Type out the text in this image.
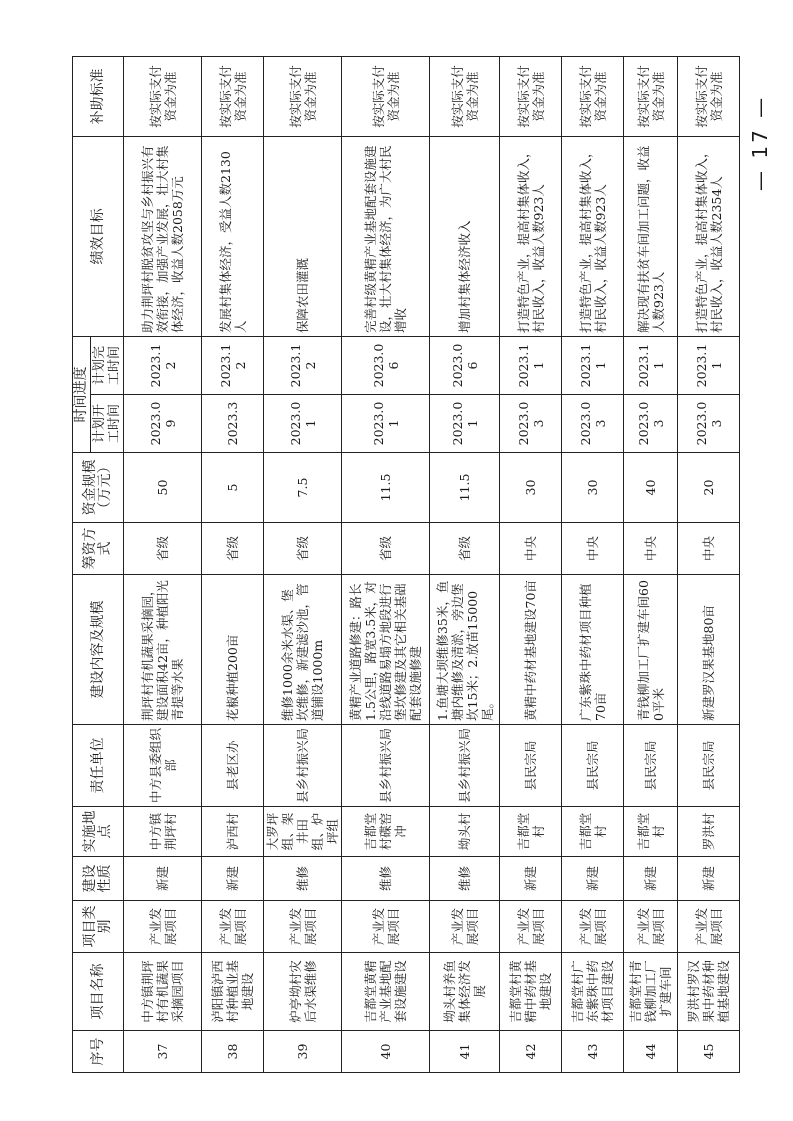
序号	项目名称	项目类别	建设性质	实施地点	责任单位	建设内容及规模	筹资方式	资金规模（万元）	时间进度		绩效目标	补助标准
									计划开工时间	计划完工时间		
37	中方镇荆坪村有机蔬果采摘园项目	产业发展项目	新建	中方镇荆坪村	中方县委组织部	荆坪村有机蔬果采摘园，建设面积42亩，种植阳光青提等水果	省级	50	2023.09	2023.12	助力荆坪村脱贫攻坚与乡村振兴有效衔接，加强产业发展，壮大村集体经济，收益人数2058万元	按实际支付资金为准
38	泸阳镇泸西村种植业基地建设	产业发展项目	新建	泸西村	县老区办	花椒种植200亩	省级	5	2023.3	2023.12	发展村集体经济，受益人数2130人	按实际支付资金为准
39	炉亭坳村灾后水渠维修	产业发展项目	维修	大罗坪组、架井田组、炉坪组	县乡村振兴局	维修1000余米水渠、堡坎维修，新建滤沙池，管道铺设1000m	省级	7.5	2023.01	2023.12	保障农田灌溉	按实际支付资金为准
40	吉都堂黄精产业基地配套设施建设	产业发展项目	维修	吉都堂村碟窑冲	县乡村振兴局	黄精产业道路修建：路长1.5公里，路宽3.5米，对沿线道路易塌方地段进行堡坎修建及其它相关基础配套设施修建	省级	11.5	2023.01	2023.06	完善村级黄精产业基地配套设施建设，壮大村集体经济，为广大村民增收	按实际支付资金为准
41	坳头村养鱼集体经济发展	产业发展项目	维修	坳头村	县乡村振兴局	1.鱼塘大坝维修35米，鱼塘内维修及清淤，旁边堡坎15米；2.放苗15000尾。	省级	11.5	2023.01	2023.06	增加村集体经济收入	按实际支付资金为准
42	吉都堂村黄精中药材基地建设	产业发展项目	新建	吉都堂村	县民宗局	黄精中药材基地建设70亩	中央	30	2023.03	2023.11	打造特色产业，提高村集体收入，村民收入，收益人数923人	按实际支付资金为准
43	吉都堂村广东紫珠中药材项目建设	产业发展项目	新建	吉都堂村	县民宗局	广东紫珠中药材项目种植70亩	中央	30	2023.03	2023.11	打造特色产业，提高村集体收入，村民收入，收益人数923人	按实际支付资金为准
44	吉都堂村青钱柳加工厂扩建车间	产业发展项目	新建	吉都堂村	县民宗局	青钱柳加工厂扩建车间600平米	中央	40	2023.03	2023.11	解决现有扶贫车间加工问题，收益人数923人	按实际支付资金为准
45	罗洪村罗汉果中药材种植基地建设	产业发展项目	新建	罗洪村	县民宗局	新建罗汉果基地80亩	中央	20	2023.03	2023.11	打造特色产业，提高村集体收入，村民收入，收益人数2354人	按实际支付资金为准 — 17 —
